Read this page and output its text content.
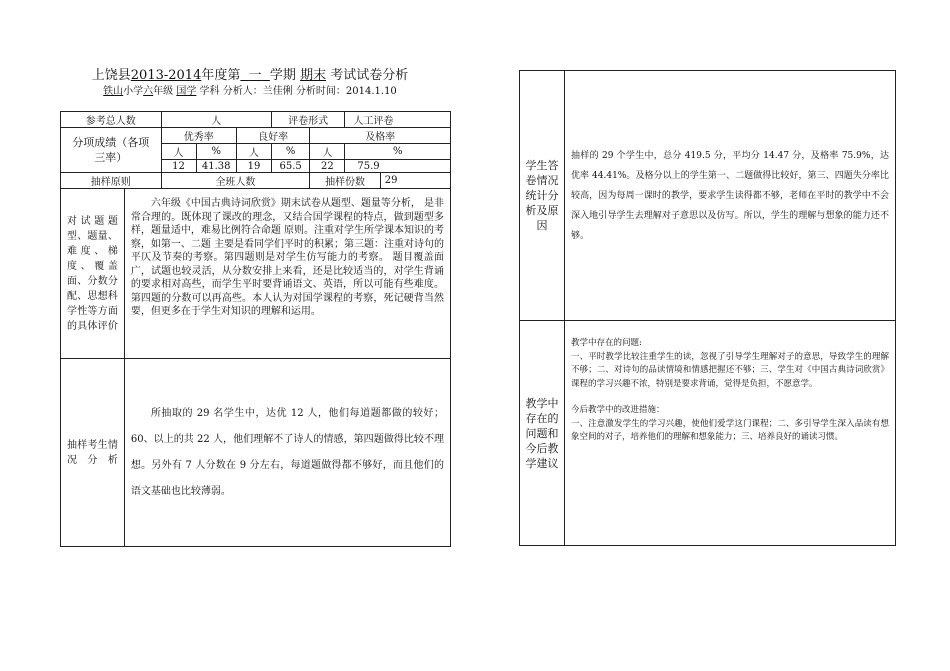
上饶县2013-2014年度第 一 学期 期末 考试试卷分析
铁山小学六年级 国学 学科 分析人：兰佳俐 分析时间：2014.1.10
参考总人数		人			评卷形式		人工评卷	
分项成绩（各项三率）		优秀率		良好率		及格率		
		人	%	人	%	人	%	
		12	41.38	19	65.5	22	75.9	
抽样原则		全班人数				抽样份数		29
对试题题型、题量、难度、梯度、覆盖面、分数分配、思想科学性等方面的具体评价	六年级《中国古典诗词欣赏》期末试卷从题型、题量等分析， 是非常合理的。既体现了课改的理念，又结合国学课程的特点，做到题型多样，题量适中，难易比例符合命题 原则。注重对学生所学课本知识的考察，如第一、二题 主要是看同学们平时的积累；第三题：注重对诗句的平仄及节奏的考察。第四题则是对学生仿写能力的考察。 题目覆盖面广，试题也较灵活，从分数安排上来看，还是比较适当的，对学生背诵的要求相对高些，而学生平时要背诵语文、英语，所以可能有些难度。第四题的分数可以再高些。本人认为对国学课程的考察，死记硬背当然要，但更多在于学生对知识的理解和运用。							

抽样考生情况分析	所抽取的 29 名学生中，达优 12 人，他们每道题都做的较好；60、以上的共 22 人，他们理解不了诗人的情感，第四题做得比较不理想。另外有 7 人分数在 9 分左右，每道题做得都不够好，而且他们的语文基础也比较薄弱。							

学生答卷情况统计分析及原因	抽样的 29 个学生中，总分 419.5 分，平均分 14.47 分，及格率 75.9%，达优率 44.41%。及格分以上的学生第一、二题做得比较好，第三、四题失分率比较高，因为每周一课时的教学，要求学生读得都不够，老师在平时的教学中不会深入地引导学生去理解对子意思以及仿写。所以，学生的理解与想象的能力还不够。
教学中存在的问题和今后教学建议	教学中存在的问题:

一、平时教学比较注重学生的读，忽视了引导学生理解对子的意思，导致学生的理解不够；二、对诗句的品读情境和情感把握还不够；三、学生对《中国古典诗词欣赏》课程的学习兴趣不浓，特别是要求背诵，觉得是负担，不愿意学。

今后教学中的改进措施：

一、注意激发学生的学习兴趣，使他们爱学这门课程；二、多引导学生深入品读有想象空间的对子，培养他们的理解和想象能力；三、培养良好的诵读习惯。
